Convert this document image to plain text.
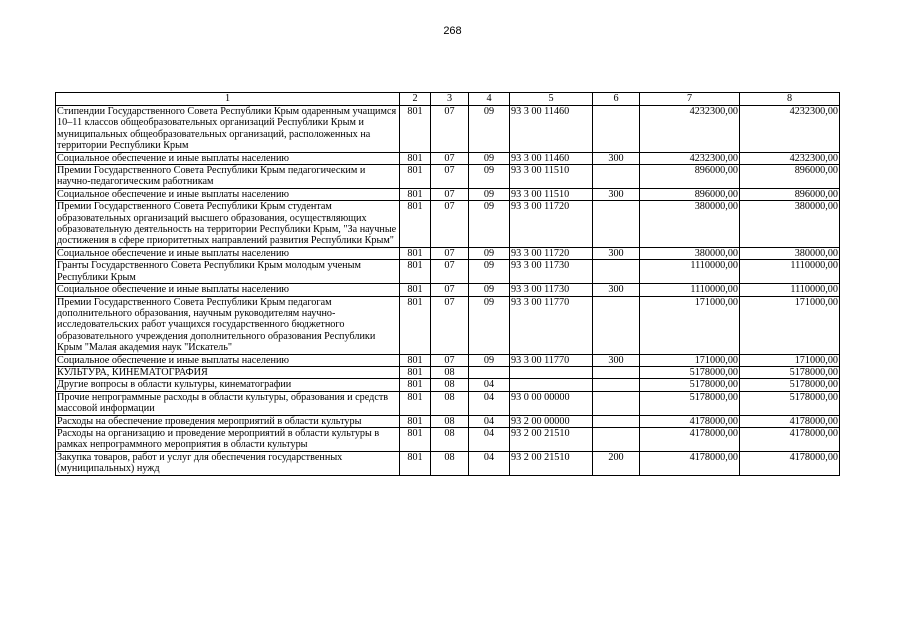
268
1	2	3	4	5	6	7	8
Стипендии Государственного Совета Республики Крым одаренным учащимся 10–11 классов общеобразовательных организаций Республики Крым и муниципальных общеобразовательных организаций, расположенных на территории Республики Крым	801	07	09	93 3 00 11460		4232300,00	4232300,00
Социальное обеспечение и иные выплаты населению	801	07	09	93 3 00 11460	300	4232300,00	4232300,00
Премии Государственного Совета Республики Крым педагогическим и научно-педагогическим работникам	801	07	09	93 3 00 11510		896000,00	896000,00
Социальное обеспечение и иные выплаты населению	801	07	09	93 3 00 11510	300	896000,00	896000,00
Премии Государственного Совета Республики Крым студентам образовательных организаций высшего образования, осуществляющих образовательную деятельность на территории Республики Крым, "За научные достижения в сфере приоритетных направлений развития Республики Крым"	801	07	09	93 3 00 11720		380000,00	380000,00
Социальное обеспечение и иные выплаты населению	801	07	09	93 3 00 11720	300	380000,00	380000,00
Гранты Государственного Совета Республики Крым молодым ученым Республики Крым	801	07	09	93 3 00 11730		1110000,00	1110000,00
Социальное обеспечение и иные выплаты населению	801	07	09	93 3 00 11730	300	1110000,00	1110000,00
Премии Государственного Совета Республики Крым педагогам дополнительного образования, научным руководителям научно-исследовательских работ учащихся государственного бюджетного образовательного учреждения дополнительного образования Республики Крым "Малая академия наук "Искатель"	801	07	09	93 3 00 11770		171000,00	171000,00
Социальное обеспечение и иные выплаты населению	801	07	09	93 3 00 11770	300	171000,00	171000,00
КУЛЬТУРА, КИНЕМАТОГРАФИЯ	801	08				5178000,00	5178000,00
Другие вопросы в области культуры, кинематографии	801	08	04			5178000,00	5178000,00
Прочие непрограммные расходы в области культуры, образования и средств массовой информации	801	08	04	93 0 00 00000		5178000,00	5178000,00
Расходы на обеспечение проведения мероприятий в области культуры	801	08	04	93 2 00 00000		4178000,00	4178000,00
Расходы на организацию и проведение мероприятий в области культуры в рамках непрограммного мероприятия в области культуры	801	08	04	93 2 00 21510		4178000,00	4178000,00
Закупка товаров, работ и услуг для обеспечения государственных (муниципальных) нужд	801	08	04	93 2 00 21510	200	4178000,00	4178000,00
